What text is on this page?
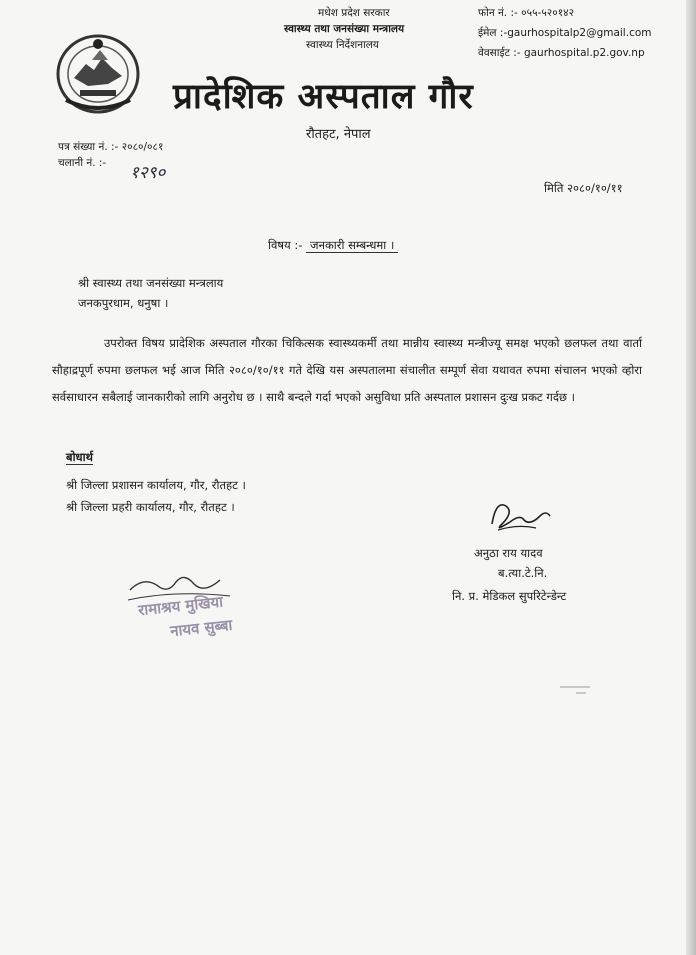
मधेश प्रदेश सरकार
स्वास्थ्य तथा जनसंख्या मन्त्रालय
स्वास्थ्य निर्देशनालय
प्रादेशिक अस्पताल गौर
रौतहट, नेपाल
फोन नं. :- ०५५-५२०१४२
ईमेल :-gaurhospitalp2@gmail.com
वेवसाईट :- gaurhospital.p2.gov.np
पत्र संख्या नं. :- २०८०/०८१
चलानी नं. :- १२९०
मिति २०८०/१०/११
विषय :- जनकारी सम्बन्धमा ।
श्री स्वास्थ्य तथा जनसंख्या मन्त्रलाय
जनकपुरधाम, धनुषा ।
उपरोक्त विषय प्रादेशिक अस्पताल गौरका चिकित्सक स्वास्थ्यकर्मी तथा मान्नीय स्वास्थ्य मन्त्रीज्यू समक्ष भएको छलफल तथा वार्ता सौहाद्रपूर्ण रुपमा छलफल भई आज मिति २०८०/१०/११ गते देखि यस अस्पतालमा संचालीत सम्पूर्ण सेवा यथावत रुपमा संचालन भएको व्होरा सर्वसाधारन सबैलाई जानकारीको लागि अनुरोध छ । साथै बन्दले गर्दा भएको असुविधा प्रति अस्पताल प्रशासन दुःख प्रकट गर्दछ ।
बोधार्थ
श्री जिल्ला प्रशासन कार्यालय, गौर, रौतहट ।
श्री जिल्ला प्रहरी कार्यालय, गौर, रौतहट ।
अनुठा राय यादव
ब.त्या.टे.नि.
नि. प्र. मेडिकल सुपरिटेन्डेन्ट
रामाश्रय मुखिया
नायव सुब्बा
